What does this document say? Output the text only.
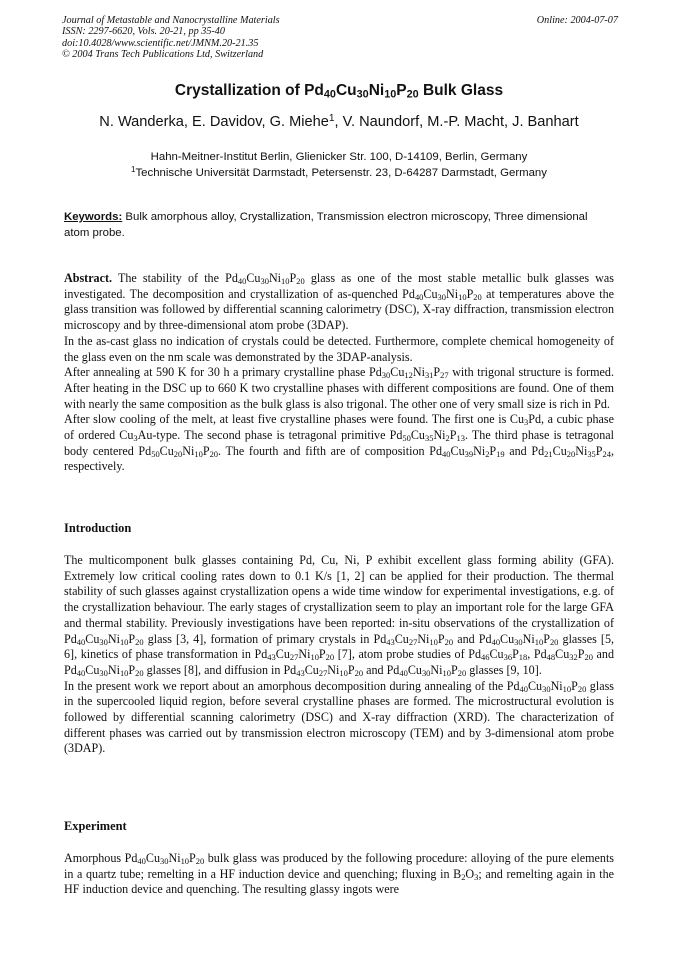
Journal of Metastable and Nanocrystalline Materials
ISSN: 2297-6620, Vols. 20-21, pp 35-40
doi:10.4028/www.scientific.net/JMNM.20-21.35
© 2004 Trans Tech Publications Ltd, Switzerland
Online: 2004-07-07
Crystallization of $Pd_{40}Cu_{30}Ni_{10}P_{20}$ Bulk Glass
N. Wanderka, E. Davidov, G. Miehe$^1$, V. Naundorf, M.-P. Macht, J. Banhart
Hahn-Meitner-Institut Berlin, Glienicker Str. 100, D-14109, Berlin, Germany
$^1$Technische Universität Darmstadt, Petersenstr. 23, D-64287 Darmstadt, Germany
Keywords: Bulk amorphous alloy, Crystallization, Transmission electron microscopy, Three dimensional atom probe.

Abstract. The stability of the $Pd_{40}Cu_{30}Ni_{10}P_{20}$ glass as one of the most stable metallic bulk glasses was investigated. The decomposition and crystallization of as-quenched $Pd_{40}Cu_{30}Ni_{10}P_{20}$ at temperatures above the glass transition was followed by differential scanning calorimetry (DSC), X-ray diffraction, transmission electron microscopy and by three-dimensional atom probe (3DAP).

In the as-cast glass no indication of crystals could be detected. Furthermore, complete chemical homogeneity of the glass even on the nm scale was demonstrated by the 3DAP-analysis.

After annealing at 590 K for 30 h a primary crystalline phase $Pd_{30}Cu_{12}Ni_{31}P_{27}$ with trigonal structure is formed. After heating in the DSC up to 660 K two crystalline phases with different compositions are found. One of them with nearly the same composition as the bulk glass is also trigonal. The other one of very small size is rich in Pd.

After slow cooling of the melt, at least five crystalline phases were found. The first one is $Cu_3Pd$, a cubic phase of ordered $Cu_3Au$-type. The second phase is tetragonal primitive $Pd_{50}Cu_{35}Ni_2P_{13}$. The third phase is tetragonal body centered $Pd_{50}Cu_{20}Ni_{10}P_{20}$. The fourth and fifth are of composition $Pd_{40}Cu_{39}Ni_2P_{19}$ and $Pd_{21}Cu_{20}Ni_{35}P_{24}$, respectively.

Introduction

The multicomponent bulk glasses containing Pd, Cu, Ni, P exhibit excellent glass forming ability (GFA). Extremely low critical cooling rates down to 0.1 K/s [1, 2] can be applied for their production. The thermal stability of such glasses against crystallization opens a wide time window for experimental investigations, e.g. of the crystallization behaviour. The early stages of crystallization seem to play an important role for the large GFA and thermal stability. Previously investigations have been reported: in-situ observations of the crystallization of $Pd_{40}Cu_{30}Ni_{10}P_{20}$ glass [3, 4], formation of primary crystals in $Pd_{43}Cu_{27}Ni_{10}P_{20}$ and $Pd_{40}Cu_{30}Ni_{10}P_{20}$ glasses [5, 6], kinetics of phase transformation in $Pd_{43}Cu_{27}Ni_{10}P_{20}$ [7], atom probe studies of $Pd_{46}Cu_{36}P_{18}$, $Pd_{48}Cu_{32}P_{20}$ and $Pd_{40}Cu_{30}Ni_{10}P_{20}$ glasses [8], and diffusion in $Pd_{43}Cu_{27}Ni_{10}P_{20}$ and $Pd_{40}Cu_{30}Ni_{10}P_{20}$ glasses [9, 10].

In the present work we report about an amorphous decomposition during annealing of the $Pd_{40}Cu_{30}Ni_{10}P_{20}$ glass in the supercooled liquid region, before several crystalline phases are formed. The microstructural evolution is followed by differential scanning calorimetry (DSC) and X-ray diffraction (XRD). The characterization of different phases was carried out by transmission electron microscopy (TEM) and by 3-dimensional atom probe (3DAP).

Experiment

Amorphous $Pd_{40}Cu_{30}Ni_{10}P_{20}$ bulk glass was produced by the following procedure: alloying of the pure elements in a quartz tube; remelting in a HF induction device and quenching; fluxing in $B_2O_3$; and remelting again in the HF induction device and quenching. The resulting glassy ingots were
